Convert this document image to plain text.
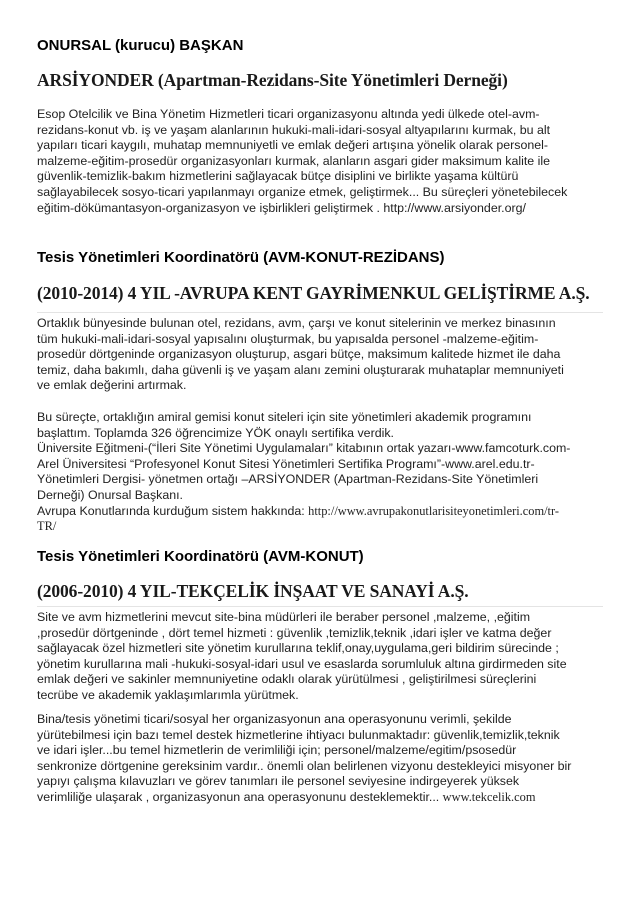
ONURSAL (kurucu) BAŞKAN
ARSİYONDER (Apartman-Rezidans-Site Yönetimleri Derneği)
Esop Otelcilik ve Bina Yönetim Hizmetleri ticari organizasyonu altında yedi ülkede otel-avm-
rezidans-konut vb. iş ve yaşam alanlarının hukuki-mali-idari-sosyal altyapılarını kurmak, bu alt
yapıları ticari kaygılı, muhatap memnuniyetli ve emlak değeri artışına yönelik olarak personel-
malzeme-eğitim-prosedür organizasyonları kurmak, alanların asgari gider maksimum kalite ile
güvenlik-temizlik-bakım hizmetlerini sağlayacak bütçe disiplini ve birlikte yaşama kültürü
sağlayabilecek sosyo-ticari yapılanmayı organize etmek, geliştirmek... Bu süreçleri yönetebilecek
eğitim-dökümantasyon-organizasyon ve işbirlikleri geliştirmek . http://www.arsiyonder.org/
Tesis Yönetimleri Koordinatörü (AVM-KONUT-REZİDANS)
(2010-2014) 4 YIL -AVRUPA KENT GAYRİMENKUL GELİŞTİRME A.Ş.
Ortaklık bünyesinde bulunan otel, rezidans, avm, çarşı ve konut sitelerinin ve merkez binasının
tüm hukuki-mali-idari-sosyal yapısalını oluşturmak, bu yapısalda personel -malzeme-eğitim-
prosedür dörtgeninde organizasyon oluşturup, asgari bütçe, maksimum kalitede hizmet ile daha
temiz, daha bakımlı, daha güvenli iş ve yaşam alanı zemini oluşturarak muhataplar memnuniyeti
ve emlak değerini artırmak.
Bu süreçte, ortaklığın amiral gemisi konut siteleri için site yönetimleri akademik programını
başlattım. Toplamda 326 öğrencimize YÖK onaylı sertifika verdik.
Üniversite Eğitmeni-(“İleri Site Yönetimi Uygulamaları” kitabının ortak yazarı-www.famcoturk.com-
Arel Üniversitesi “Profesyonel Konut Sitesi Yönetimleri Sertifika Programı”-www.arel.edu.tr-
Yönetimleri Dergisi- yönetmen ortağı –ARSİYONDER (Apartman-Rezidans-Site Yönetimleri
Derneği) Onursal Başkanı.
Avrupa Konutlarında kurduğum sistem hakkında: http://www.avrupakonutlarisiteyonetimleri.com/tr-
TR/
Tesis Yönetimleri Koordinatörü (AVM-KONUT)
(2006-2010) 4 YIL-TEKÇELİK İNŞAAT VE SANAYİ A.Ş.
Site ve avm hizmetlerini mevcut site-bina müdürleri ile beraber personel ,malzeme, ,eğitim
,prosedür dörtgeninde , dört temel hizmeti : güvenlik ,temizlik,teknik ,idari işler ve katma değer
sağlayacak özel hizmetleri site yönetim kurullarına teklif,onay,uygulama,geri bildirim sürecinde ;
yönetim kurullarına mali -hukuki-sosyal-idari usul ve esaslarda sorumluluk altına girdirmeden site
emlak değeri ve sakinler memnuniyetine odaklı olarak yürütülmesi , geliştirilmesi süreçlerini
tecrübe ve akademik yaklaşımlarımla yürütmek.
Bina/tesis yönetimi ticari/sosyal her organizasyonun ana operasyonunu verimli, şekilde
yürütebilmesi için bazı temel destek hizmetlerine ihtiyacı bulunmaktadır: güvenlik,temizlik,teknik
ve idari işler...bu temel hizmetlerin de verimliliği için; personel/malzeme/egitim/psosedür
senkronize dörtgenine gereksinim vardır.. önemli olan belirlenen vizyonu destekleyici misyoner bir
yapıyı çalışma kılavuzları ve görev tanımları ile personel seviyesine indirgeyerek yüksek
verimliliğe ulaşarak , organizasyonun ana operasyonunu desteklemektir... www.tekcelik.com
